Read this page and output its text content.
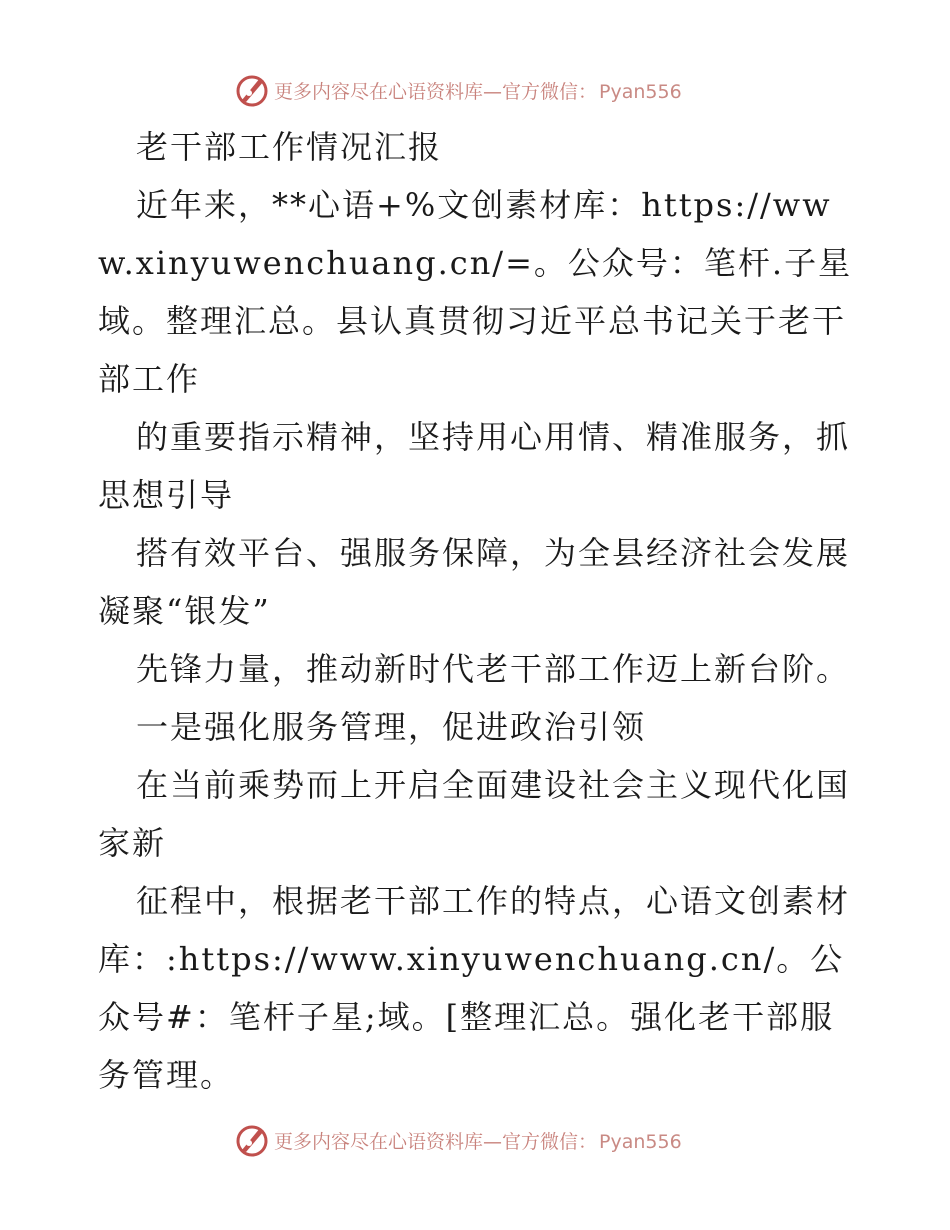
更多内容尽在心语资料库—官方微信： Pyan556

老干部工作情况汇报

近年来，**心语+%文创素材库：https://www.xinyuwenchuang.cn/=。公众号：笔杆.子星域。整理汇总。县认真贯彻习近平总书记关于老干部工作

的重要指示精神，坚持用心用情、精准服务，抓思想引导

搭有效平台、强服务保障，为全县经济社会发展凝聚“银发”

先锋力量，推动新时代老干部工作迈上新台阶。

一是强化服务管理，促进政治引领

在当前乘势而上开启全面建设社会主义现代化国家新

征程中，根据老干部工作的特点，心语文创素材库：:https://www.xinyuwenchuang.cn/。公众号#：笔杆子星;域。[整理汇总。强化老干部服务管理。

更多内容尽在心语资料库—官方微信： Pyan556
